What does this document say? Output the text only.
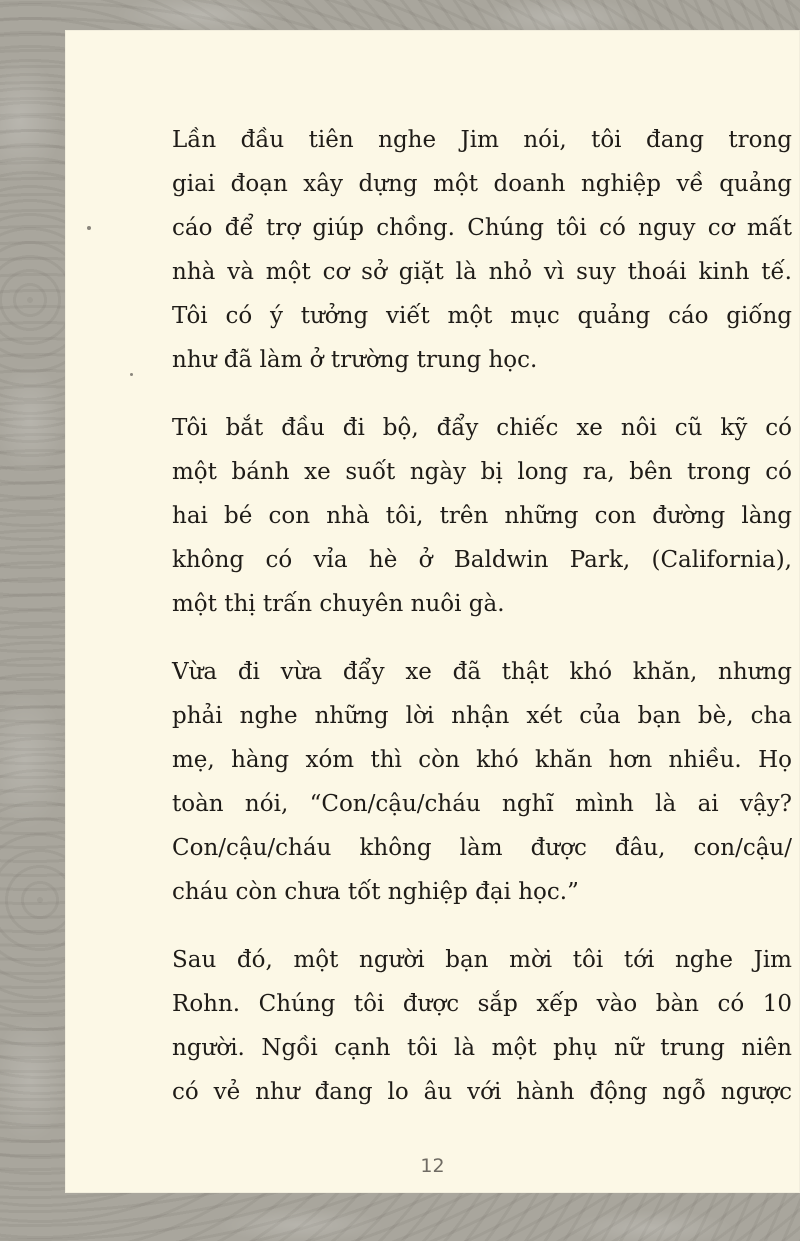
Lần đầu tiên nghe Jim nói, tôi đang trong
giai đoạn xây dựng một doanh nghiệp về quảng
cáo để trợ giúp chồng. Chúng tôi có nguy cơ mất
nhà và một cơ sở giặt là nhỏ vì suy thoái kinh tế.
Tôi có ý tưởng viết một mục quảng cáo giống
như đã làm ở trường trung học.
Tôi bắt đầu đi bộ, đẩy chiếc xe nôi cũ kỹ có
một bánh xe suốt ngày bị long ra, bên trong có
hai bé con nhà tôi, trên những con đường làng
không có vỉa hè ở Baldwin Park, (California),
một thị trấn chuyên nuôi gà.
Vừa đi vừa đẩy xe đã thật khó khăn, nhưng
phải nghe những lời nhận xét của bạn bè, cha
mẹ, hàng xóm thì còn khó khăn hơn nhiều. Họ
toàn nói, “Con/cậu/cháu nghĩ mình là ai vậy?
Con/cậu/cháu không làm được đâu, con/cậu/
cháu còn chưa tốt nghiệp đại học.”
Sau đó, một người bạn mời tôi tới nghe Jim
Rohn. Chúng tôi được sắp xếp vào bàn có 10
người. Ngồi cạnh tôi là một phụ nữ trung niên
có vẻ như đang lo âu với hành động ngỗ ngược
12
